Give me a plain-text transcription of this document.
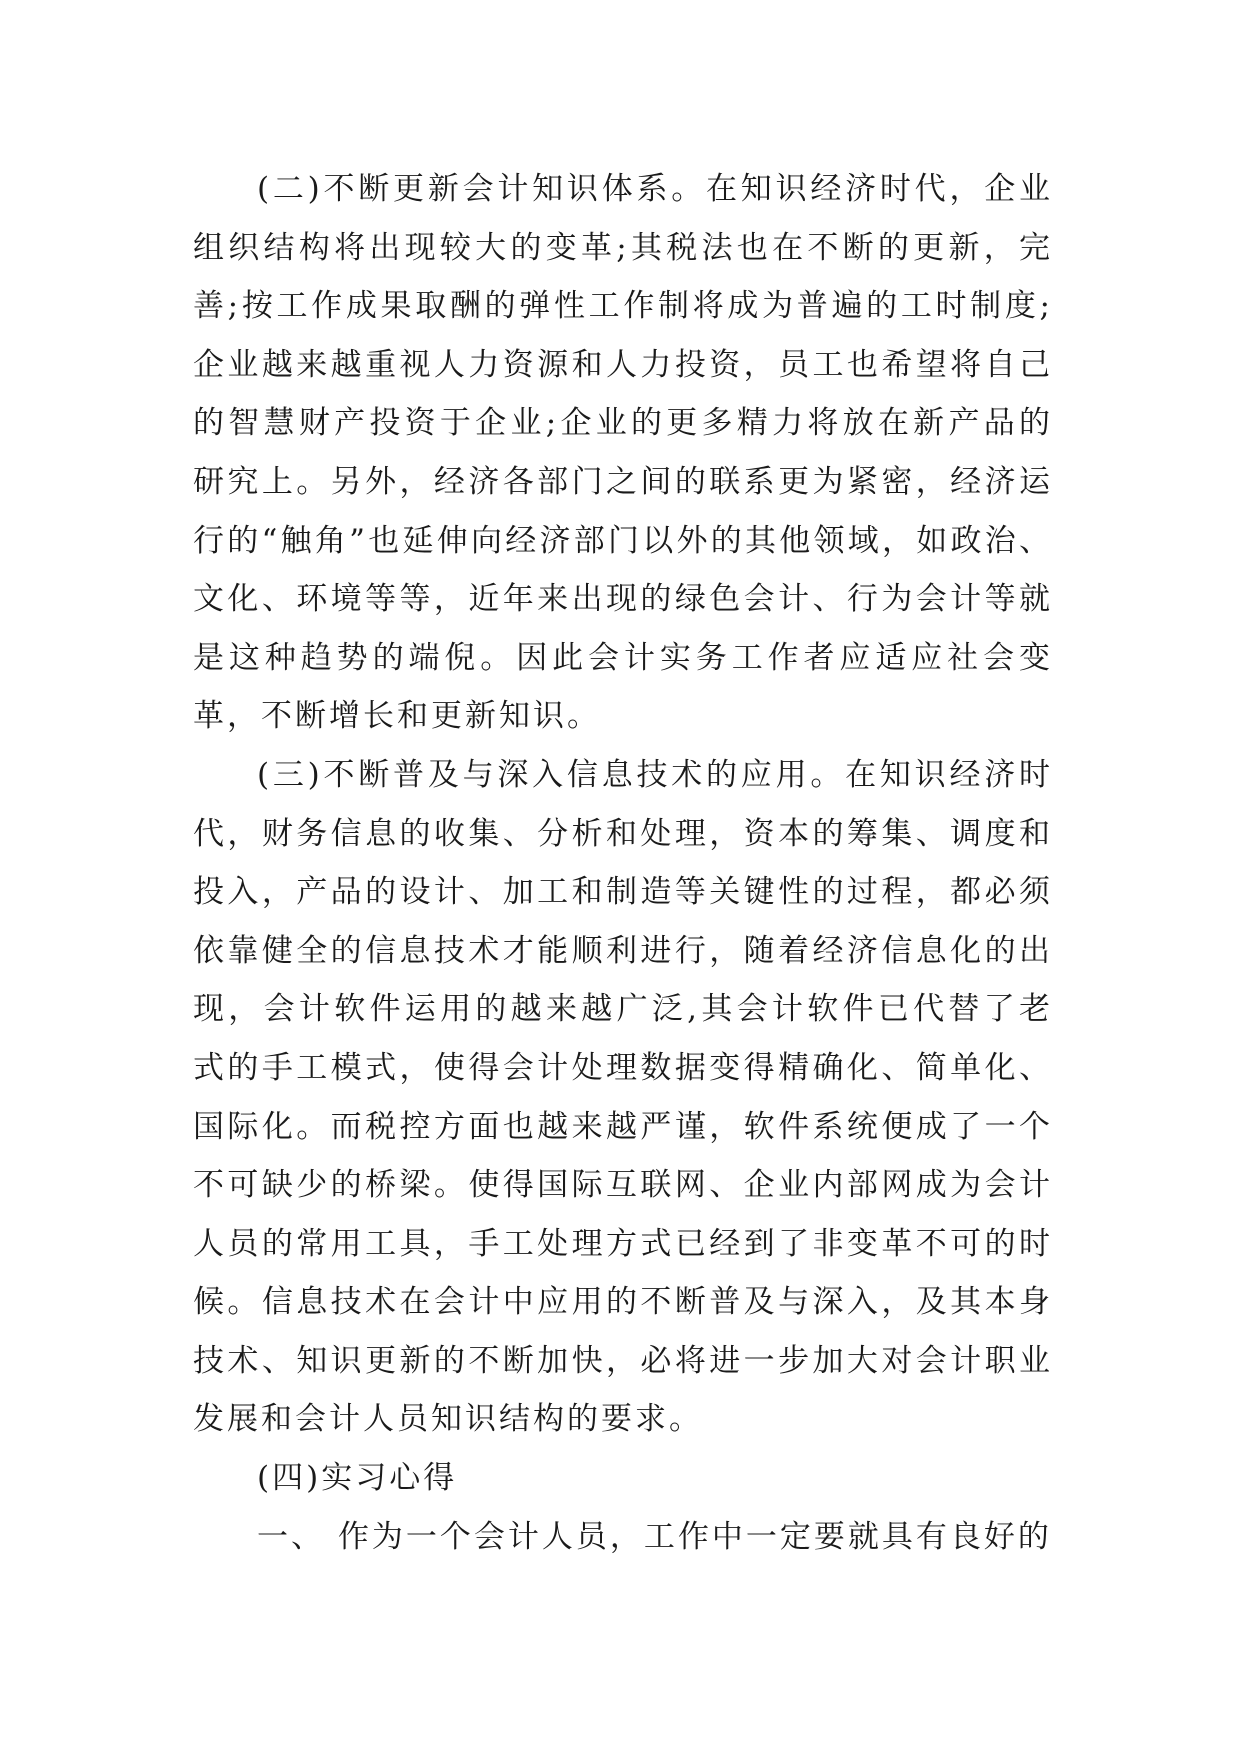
(二)不断更新会计知识体系。在知识经济时代，企业组织结构将出现较大的变革;其税法也在不断的更新，完善;按工作成果取酬的弹性工作制将成为普遍的工时制度;企业越来越重视人力资源和人力投资，员工也希望将自己的智慧财产投资于企业;企业的更多精力将放在新产品的研究上。另外，经济各部门之间的联系更为紧密，经济运行的“触角”也延伸向经济部门以外的其他领域，如政治、文化、环境等等，近年来出现的绿色会计、行为会计等就是这种趋势的端倪。因此会计实务工作者应适应社会变革，不断增长和更新知识。

(三)不断普及与深入信息技术的应用。在知识经济时代，财务信息的收集、分析和处理，资本的筹集、调度和投入，产品的设计、加工和制造等关键性的过程，都必须依靠健全的信息技术才能顺利进行，随着经济信息化的出现，会计软件运用的越来越广泛,其会计软件已代替了老式的手工模式，使得会计处理数据变得精确化、简单化、国际化。而税控方面也越来越严谨，软件系统便成了一个不可缺少的桥梁。使得国际互联网、企业内部网成为会计人员的常用工具，手工处理方式已经到了非变革不可的时候。信息技术在会计中应用的不断普及与深入，及其本身技术、知识更新的不断加快，必将进一步加大对会计职业发展和会计人员知识结构的要求。

(四)实习心得

一、 作为一个会计人员，工作中一定要就具有良好的
